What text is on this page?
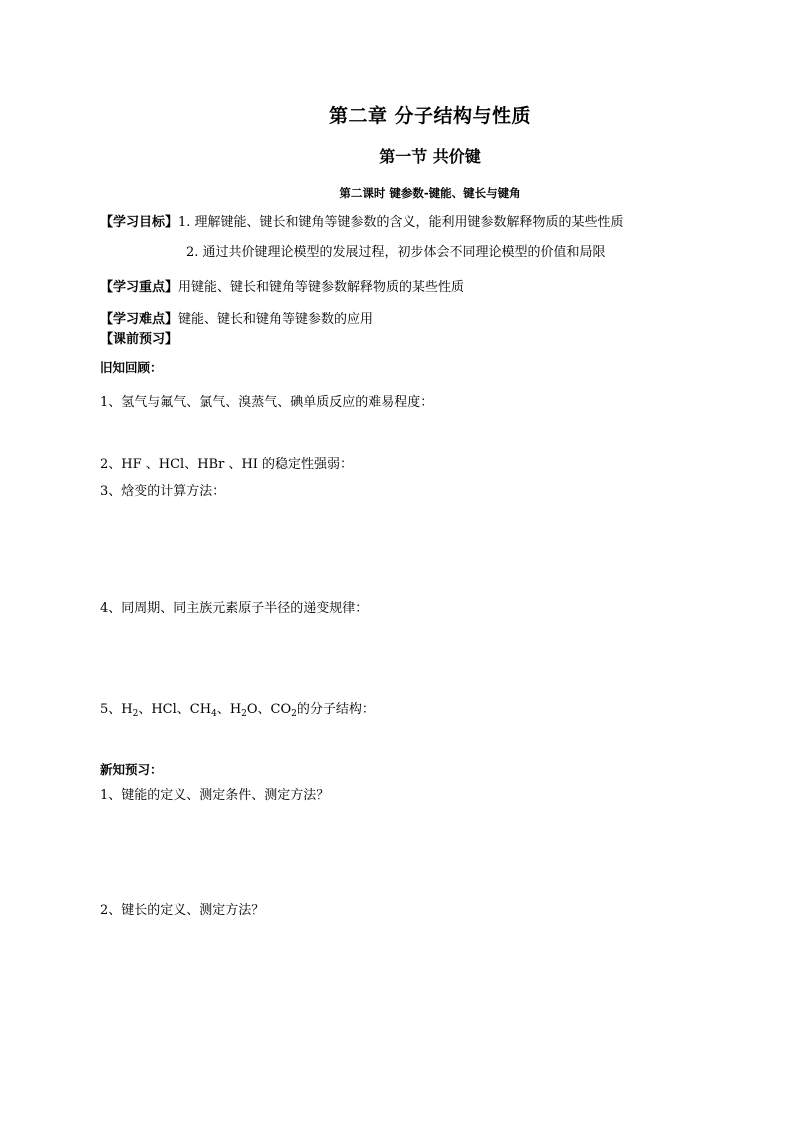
第二章 分子结构与性质
第一节 共价键
第二课时 键参数-键能、键长与键角
【学习目标】1. 理解键能、键长和键角等键参数的含义，能利用键参数解释物质的某些性质
2. 通过共价键理论模型的发展过程，初步体会不同理论模型的价值和局限
【学习重点】用键能、键长和键角等键参数解释物质的某些性质
【学习难点】键能、键长和键角等键参数的应用
【课前预习】
旧知回顾：
1、氢气与氟气、氯气、溴蒸气、碘单质反应的难易程度：
2、HF 、HCl、HBr 、HI 的稳定性强弱：
3、焓变的计算方法：
4、同周期、同主族元素原子半径的递变规律：
5、$H_2$、HCl、$CH_4$、$H_2O$、$CO_2$的分子结构：
新知预习：
1、键能的定义、测定条件、测定方法？
2、键长的定义、测定方法？
